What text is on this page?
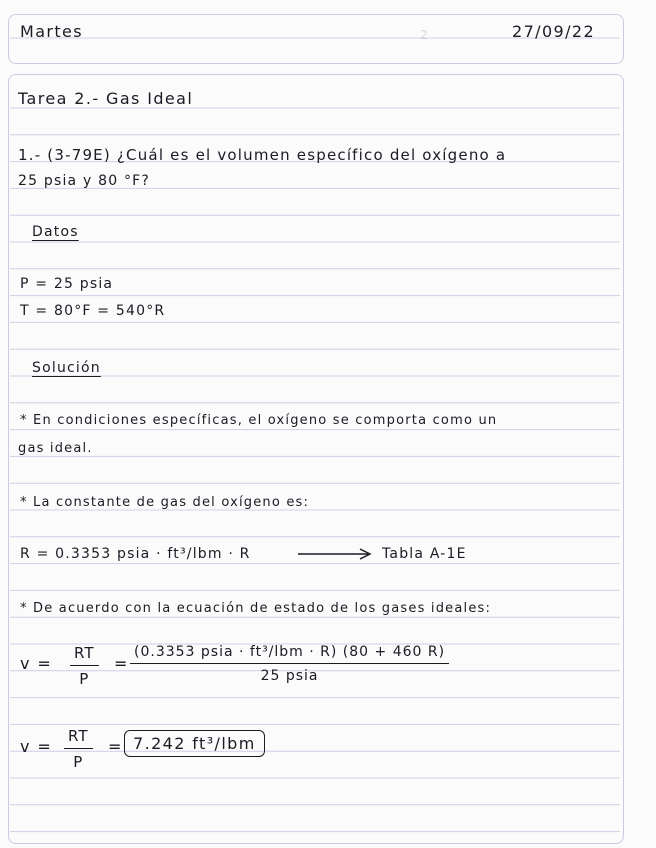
2
Martes	27/09/22
Tarea 2.- Gas Ideal
1.- (3-79E) ¿Cuál es el volumen específico del oxígeno a
25 psia y 80 °F?
Datos
P = 25 psia
T = 80°F = 540°R
Solución
* En condiciones específicas, el oxígeno se comporta como un
gas ideal.
* La constante de gas del oxígeno es:
R = 0.3353 psia · ft³/lbm · R	Tabla A-1E
* De acuerdo con la ecuación de estado de los gases ideales:
$v = \frac{RT}{P}$ =
(0.3353 psia · ft³/lbm · R) (80 + 460 R)
25 psia
$v = \frac{RT}{P} = 7.242$ ft³/lbm
